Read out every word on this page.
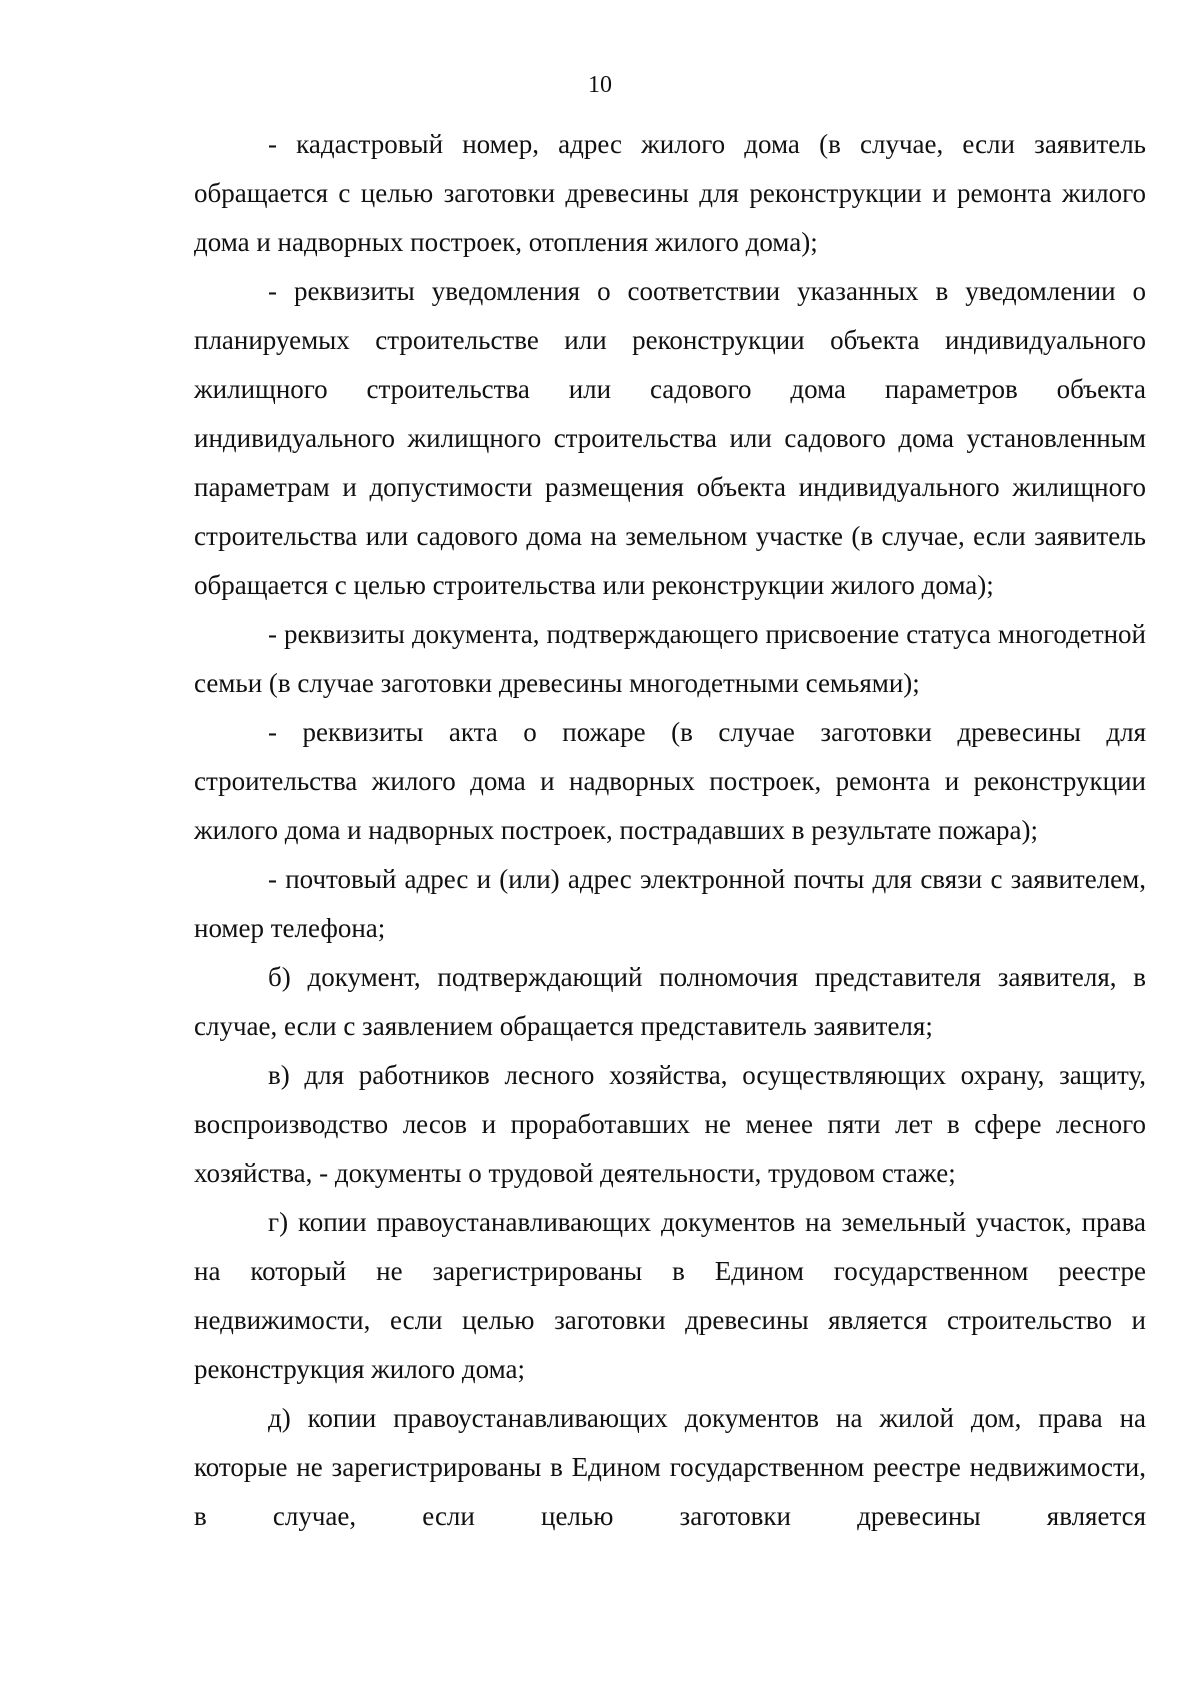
10

- кадастровый номер, адрес жилого дома (в случае, если заявитель обращается с целью заготовки древесины для реконструкции и ремонта жилого дома и надворных построек, отопления жилого дома);

- реквизиты уведомления о соответствии указанных в уведомлении о планируемых строительстве или реконструкции объекта индивидуального жилищного строительства или садового дома параметров объекта индивидуального жилищного строительства или садового дома установленным параметрам и допустимости размещения объекта индивидуального жилищного строительства или садового дома на земельном участке (в случае, если заявитель обращается с целью строительства или реконструкции жилого дома);

- реквизиты документа, подтверждающего присвоение статуса многодетной семьи (в случае заготовки древесины многодетными семьями);

- реквизиты акта о пожаре (в случае заготовки древесины для строительства жилого дома и надворных построек, ремонта и реконструкции жилого дома и надворных построек, пострадавших в результате пожара);

- почтовый адрес и (или) адрес электронной почты для связи с заявителем, номер телефона;

б) документ, подтверждающий полномочия представителя заявителя, в случае, если с заявлением обращается представитель заявителя;

в) для работников лесного хозяйства, осуществляющих охрану, защиту, воспроизводство лесов и проработавших не менее пяти лет в сфере лесного хозяйства, - документы о трудовой деятельности, трудовом стаже;

г) копии правоустанавливающих документов на земельный участок, права на который не зарегистрированы в Едином государственном реестре недвижимости, если целью заготовки древесины является строительство и реконструкция жилого дома;

д) копии правоустанавливающих документов на жилой дом, права на которые не зарегистрированы в Едином государственном реестре недвижимости, в случае, если целью заготовки древесины является
